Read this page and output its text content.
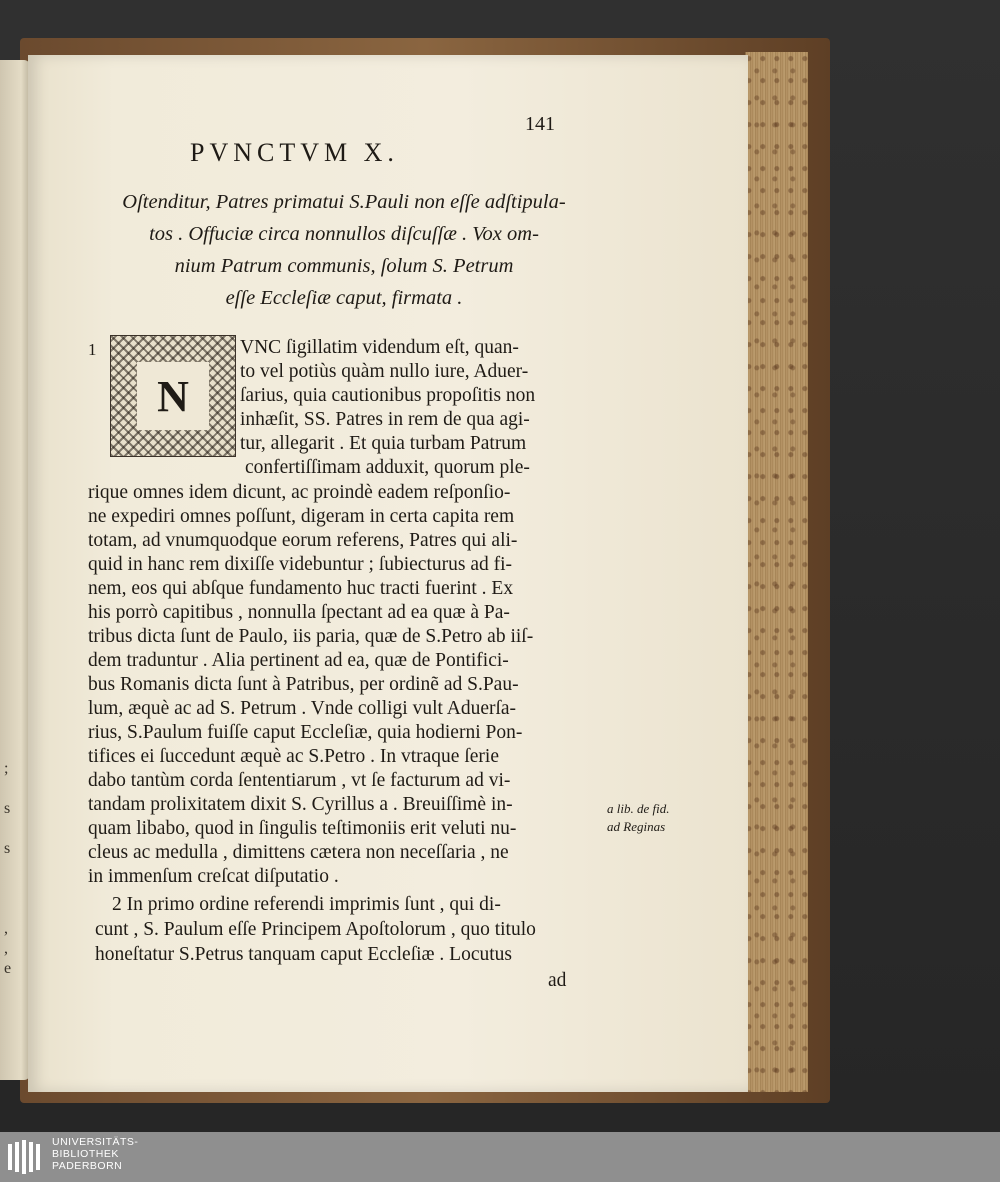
;
s
s
,
,
e
141
PVNCTVM X.
Oſtenditur, Patres primatui S.Pauli non eſſe adſtipula-
tos . Offuciæ circa nonnullos diſcuſſæ . Vox om-
nium Patrum communis, ſolum S. Petrum
eſſe Eccleſiæ caput, firmata .
1
N
VNC ſigillatim videndum eſt, quan-
to vel potiùs quàm nullo iure, Aduer-
ſarius, quia cautionibus propoſitis non
inhæſit, SS. Patres in rem de qua agi-
tur, allegarit . Et quia turbam Patrum
confertiſſimam adduxit, quorum ple-
rique omnes idem dicunt, ac proindè eadem reſponſio-
ne expediri omnes poſſunt, digeram in certa capita rem
totam, ad vnumquodque eorum referens, Patres qui ali-
quid in hanc rem dixiſſe videbuntur ; ſubiecturus ad fi-
nem, eos qui abſque fundamento huc tracti fuerint . Ex
his porrò capitibus , nonnulla ſpectant ad ea quæ à Pa-
tribus dicta ſunt de Paulo, iis paria, quæ de S.Petro ab iiſ-
dem traduntur . Alia pertinent ad ea, quæ de Pontifici-
bus Romanis dicta ſunt à Patribus, per ordinẽ ad S.Pau-
lum, æquè ac ad S. Petrum . Vnde colligi vult Aduerſa-
rius, S.Paulum fuiſſe caput Eccleſiæ, quia hodierni Pon-
tifices ei ſuccedunt æquè ac S.Petro . In vtraque ſerie
dabo tantùm corda ſententiarum , vt ſe facturum ad vi-
tandam prolixitatem dixit S. Cyrillus a . Breuiſſimè in-
quam libabo, quod in ſingulis teſtimoniis erit veluti nu-
cleus ac medulla , dimittens cætera non neceſſaria , ne
in immenſum creſcat diſputatio .
2 In primo ordine referendi imprimis ſunt , qui di-
cunt , S. Paulum eſſe Principem Apoſtolorum , quo titulo
honeſtatur S.Petrus tanquam caput Eccleſiæ . Locutus
a lib. de fid.
ad Reginas
ad
UNIVERSITÄTS-
BIBLIOTHEK
PADERBORN
